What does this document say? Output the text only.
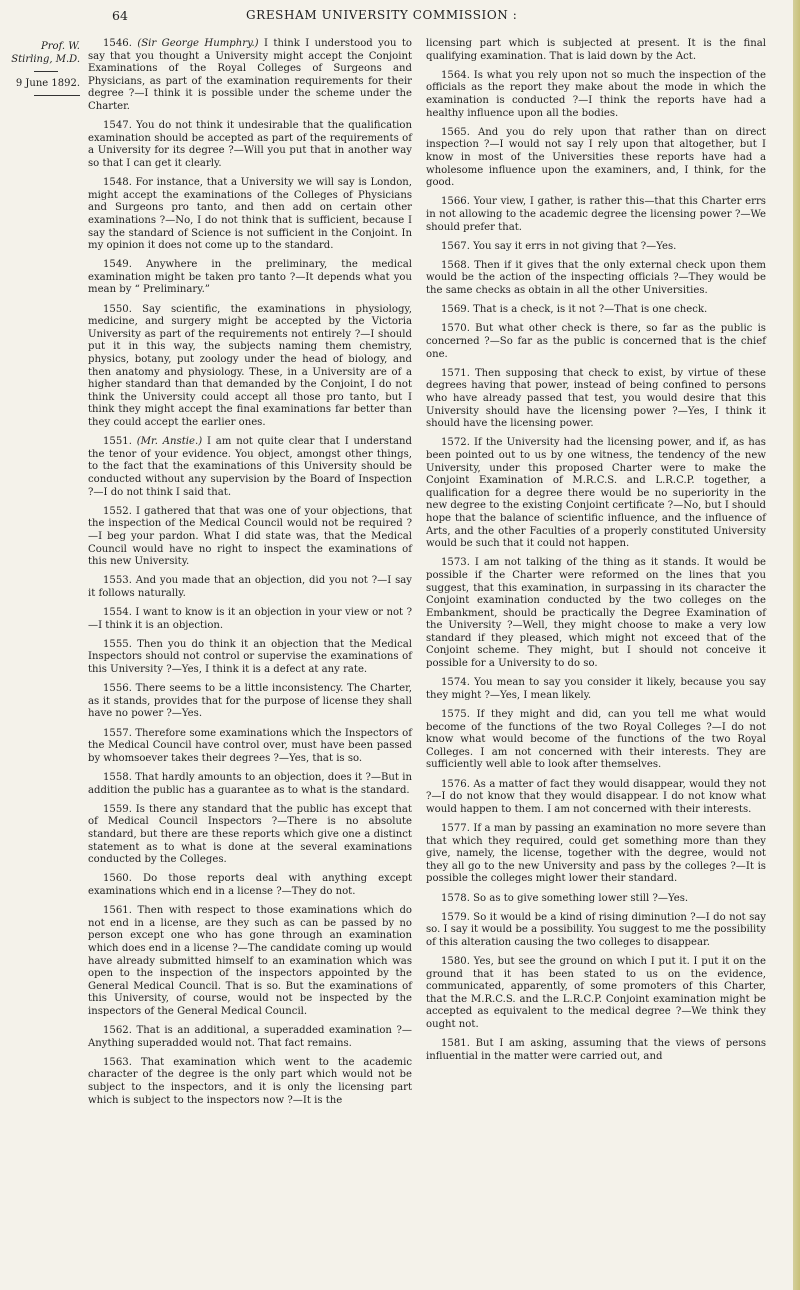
64	GRESHAM UNIVERSITY COMMISSION :
Prof. W.
Stirling, M.D.
9 June 1892.

1546. (Sir George Humphry.) I think I understood you to say that you thought a University might accept the Conjoint Examinations of the Royal Colleges of Surgeons and Physicians, as part of the examination requirements for their degree ?—I think it is possible under the scheme under the Charter.

1547. You do not think it undesirable that the qualification examination should be accepted as part of the requirements of a University for its degree ?—Will you put that in another way so that I can get it clearly.

1548. For instance, that a University we will say is London, might accept the examinations of the Colleges of Physicians and Surgeons pro tanto, and then add on certain other examinations ?—No, I do not think that is sufficient, because I say the standard of Science is not sufficient in the Conjoint. In my opinion it does not come up to the standard.

1549. Anywhere in the preliminary, the medical examination might be taken pro tanto ?—It depends what you mean by “ Preliminary.”

1550. Say scientific, the examinations in physiology, medicine, and surgery might be accepted by the Victoria University as part of the requirements not entirely ?—I should put it in this way, the subjects naming them chemistry, physics, botany, put zoology under the head of biology, and then anatomy and physiology. These, in a University are of a higher standard than that demanded by the Conjoint, I do not think the University could accept all those pro tanto, but I think they might accept the final examinations far better than they could accept the earlier ones.

1551. (Mr. Anstie.) I am not quite clear that I understand the tenor of your evidence. You object, amongst other things, to the fact that the examinations of this University should be conducted without any supervision by the Board of Inspection ?—I do not think I said that.

1552. I gathered that that was one of your objections, that the inspection of the Medical Council would not be required ?—I beg your pardon. What I did state was, that the Medical Council would have no right to inspect the examinations of this new University.

1553. And you made that an objection, did you not ?—I say it follows naturally.

1554. I want to know is it an objection in your view or not ?—I think it is an objection.

1555. Then you do think it an objection that the Medical Inspectors should not control or supervise the examinations of this University ?—Yes, I think it is a defect at any rate.

1556. There seems to be a little inconsistency. The Charter, as it stands, provides that for the purpose of license they shall have no power ?—Yes.

1557. Therefore some examinations which the Inspectors of the Medical Council have control over, must have been passed by whomsoever takes their degrees ?—Yes, that is so.

1558. That hardly amounts to an objection, does it ?—But in addition the public has a guarantee as to what is the standard.

1559. Is there any standard that the public has except that of Medical Council Inspectors ?—There is no absolute standard, but there are these reports which give one a distinct statement as to what is done at the several examinations conducted by the Colleges.

1560. Do those reports deal with anything except examinations which end in a license ?—They do not.

1561. Then with respect to those examinations which do not end in a license, are they such as can be passed by no person except one who has gone through an examination which does end in a license ?—The candidate coming up would have already submitted himself to an examination which was open to the inspection of the inspectors appointed by the General Medical Council. That is so. But the examinations of this University, of course, would not be inspected by the inspectors of the General Medical Council.

1562. That is an additional, a superadded examination ?—Anything superadded would not. That fact remains.

1563. That examination which went to the academic character of the degree is the only part which would not be subject to the inspectors, and it is only the licensing part which is subject to the inspectors now ?—It is the

licensing part which is subjected at present. It is the final qualifying examination. That is laid down by the Act.

1564. Is what you rely upon not so much the inspection of the officials as the report they make about the mode in which the examination is conducted ?—I think the reports have had a healthy influence upon all the bodies.

1565. And you do rely upon that rather than on direct inspection ?—I would not say I rely upon that altogether, but I know in most of the Universities these reports have had a wholesome influence upon the examiners, and, I think, for the good.

1566. Your view, I gather, is rather this—that this Charter errs in not allowing to the academic degree the licensing power ?—We should prefer that.

1567. You say it errs in not giving that ?—Yes.

1568. Then if it gives that the only external check upon them would be the action of the inspecting officials ?—They would be the same checks as obtain in all the other Universities.

1569. That is a check, is it not ?—That is one check.

1570. But what other check is there, so far as the public is concerned ?—So far as the public is concerned that is the chief one.

1571. Then supposing that check to exist, by virtue of these degrees having that power, instead of being confined to persons who have already passed that test, you would desire that this University should have the licensing power ?—Yes, I think it should have the licensing power.

1572. If the University had the licensing power, and if, as has been pointed out to us by one witness, the tendency of the new University, under this proposed Charter were to make the Conjoint Examination of M.R.C.S. and L.R.C.P. together, a qualification for a degree there would be no superiority in the new degree to the existing Conjoint certificate ?—No, but I should hope that the balance of scientific influence, and the influence of Arts, and the other Faculties of a properly constituted University would be such that it could not happen.

1573. I am not talking of the thing as it stands. It would be possible if the Charter were reformed on the lines that you suggest, that this examination, in surpassing in its character the Conjoint examination conducted by the two colleges on the Embankment, should be practically the Degree Examination of the University ?—Well, they might choose to make a very low standard if they pleased, which might not exceed that of the Conjoint scheme. They might, but I should not conceive it possible for a University to do so.

1574. You mean to say you consider it likely, because you say they might ?—Yes, I mean likely.

1575. If they might and did, can you tell me what would become of the functions of the two Royal Colleges ?—I do not know what would become of the functions of the two Royal Colleges. I am not concerned with their interests. They are sufficiently well able to look after themselves.

1576. As a matter of fact they would disappear, would they not ?—I do not know that they would disappear. I do not know what would happen to them. I am not concerned with their interests.

1577. If a man by passing an examination no more severe than that which they required, could get something more than they give, namely, the license, together with the degree, would not they all go to the new University and pass by the colleges ?—It is possible the colleges might lower their standard.

1578. So as to give something lower still ?—Yes.

1579. So it would be a kind of rising diminution ?—I do not say so. I say it would be a possibility. You suggest to me the possibility of this alteration causing the two colleges to disappear.

1580. Yes, but see the ground on which I put it. I put it on the ground that it has been stated to us on the evidence, communicated, apparently, of some promoters of this Charter, that the M.R.C.S. and the L.R.C.P. Conjoint examination might be accepted as equivalent to the medical degree ?—We think they ought not.

1581. But I am asking, assuming that the views of persons influential in the matter were carried out, and
